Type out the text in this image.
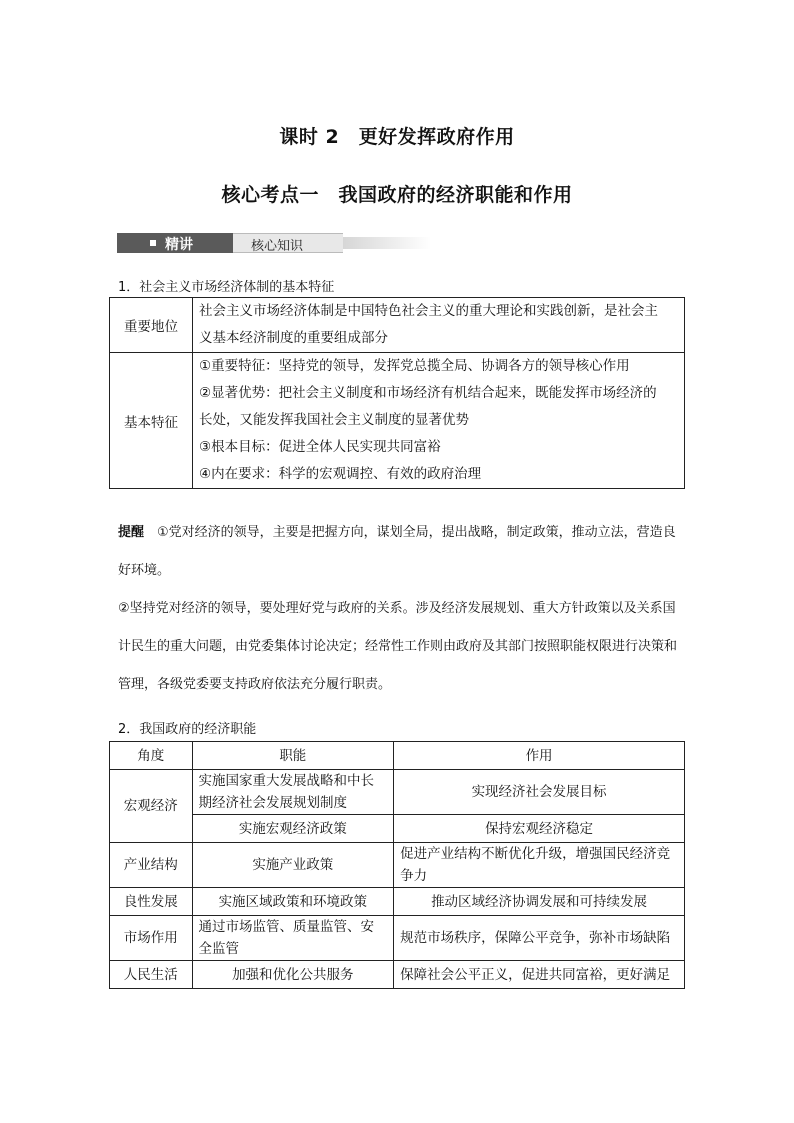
课时 2　更好发挥政府作用
核心考点一　我国政府的经济职能和作用
精讲	核心知识
1．社会主义市场经济体制的基本特征
重要地位	社会主义市场经济体制是中国特色社会主义的重大理论和实践创新，是社会主
义基本经济制度的重要组成部分

基本特征	①重要特征：坚持党的领导，发挥党总揽全局、协调各方的领导核心作用
②显著优势：把社会主义制度和市场经济有机结合起来，既能发挥市场经济的
长处，又能发挥我国社会主义制度的显著优势
③根本目标：促进全体人民实现共同富裕
④内在要求：科学的宏观调控、有效的政府治理
提醒　 ①党对经济的领导，主要是把握方向，谋划全局，提出战略，制定政策，推动立法，营造良好环境。
②坚持党对经济的领导，要处理好党与政府的关系。涉及经济发展规划、重大方针政策以及关系国计民生的重大问题，由党委集体讨论决定；经常性工作则由政府及其部门按照职能权限进行决策和管理，各级党委要支持政府依法充分履行职责。
2．我国政府的经济职能
角度	职能	作用
宏观经济	实施国家重大发展战略和中长期经济社会发展规划制度	实现经济社会发展目标
	实施宏观经济政策	保持宏观经济稳定
产业结构	实施产业政策	促进产业结构不断优化升级，增强国民经济竞争力
良性发展	实施区域政策和环境政策	推动区域经济协调发展和可持续发展
市场作用	通过市场监管、质量监管、安全监管	规范市场秩序，保障公平竞争，弥补市场缺陷
人民生活	加强和优化公共服务	保障社会公平正义，促进共同富裕，更好满足
